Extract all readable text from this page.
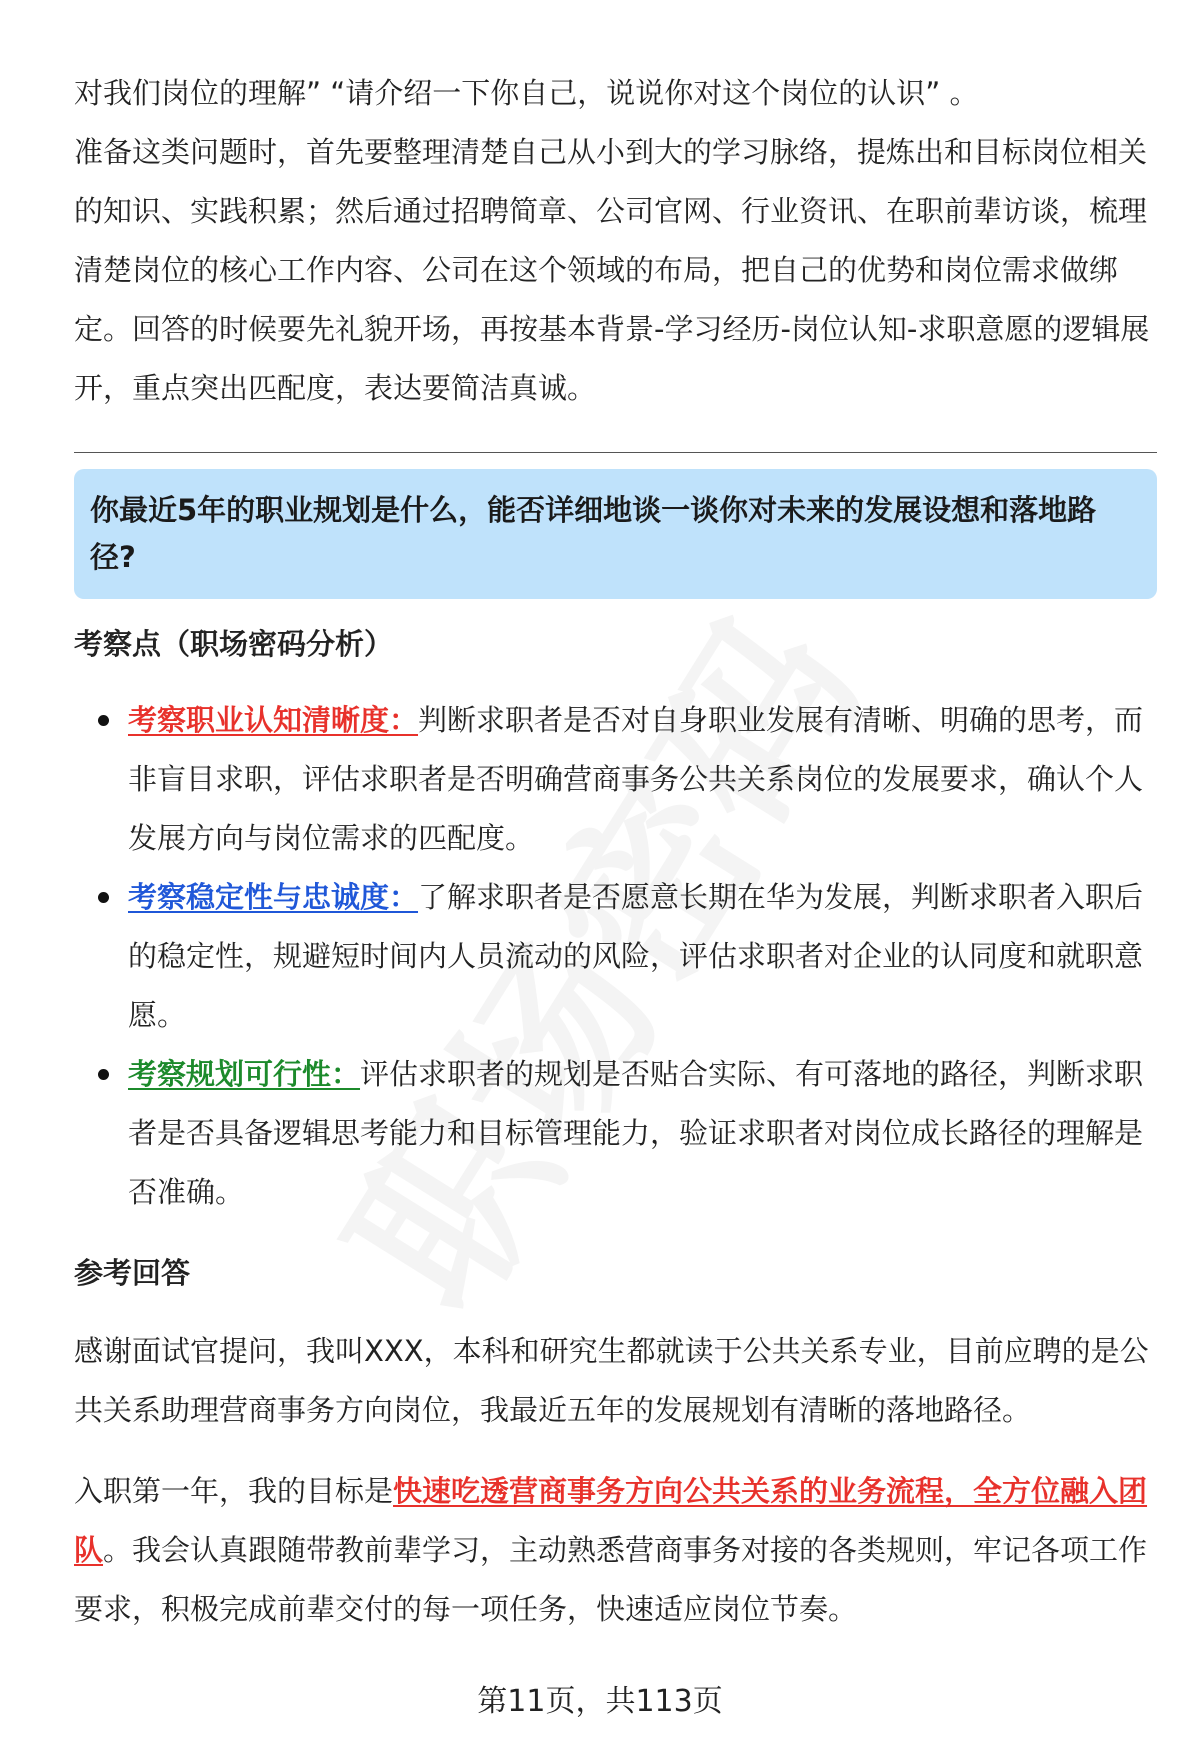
对我们岗位的理解” “请介绍一下你自己，说说你对这个岗位的认识” 。

准备这类问题时，首先要整理清楚自己从小到大的学习脉络，提炼出和目标岗位相关的知识、实践积累；然后通过招聘简章、公司官网、行业资讯、在职前辈访谈，梳理清楚岗位的核心工作内容、公司在这个领域的布局，把自己的优势和岗位需求做绑定。回答的时候要先礼貌开场，再按基本背景-学习经历-岗位认知-求职意愿的逻辑展开，重点突出匹配度，表达要简洁真诚。

你最近5年的职业规划是什么，能否详细地谈一谈你对未来的发展设想和落地路径?

考察点（职场密码分析）

考察职业认知清晰度：判断求职者是否对自身职业发展有清晰、明确的思考，而非盲目求职，评估求职者是否明确营商事务公共关系岗位的发展要求，确认个人发展方向与岗位需求的匹配度。
考察稳定性与忠诚度：了解求职者是否愿意长期在华为发展，判断求职者入职后的稳定性，规避短时间内人员流动的风险，评估求职者对企业的认同度和就职意愿。
考察规划可行性：评估求职者的规划是否贴合实际、有可落地的路径，判断求职者是否具备逻辑思考能力和目标管理能力，验证求职者对岗位成长路径的理解是否准确。

参考回答

感谢面试官提问，我叫XXX，本科和研究生都就读于公共关系专业，目前应聘的是公共关系助理营商事务方向岗位，我最近五年的发展规划有清晰的落地路径。

入职第一年，我的目标是快速吃透营商事务方向公共关系的业务流程，全方位融入团队。我会认真跟随带教前辈学习，主动熟悉营商事务对接的各类规则，牢记各项工作要求，积极完成前辈交付的每一项任务，快速适应岗位节奏。

第11页，共113页
